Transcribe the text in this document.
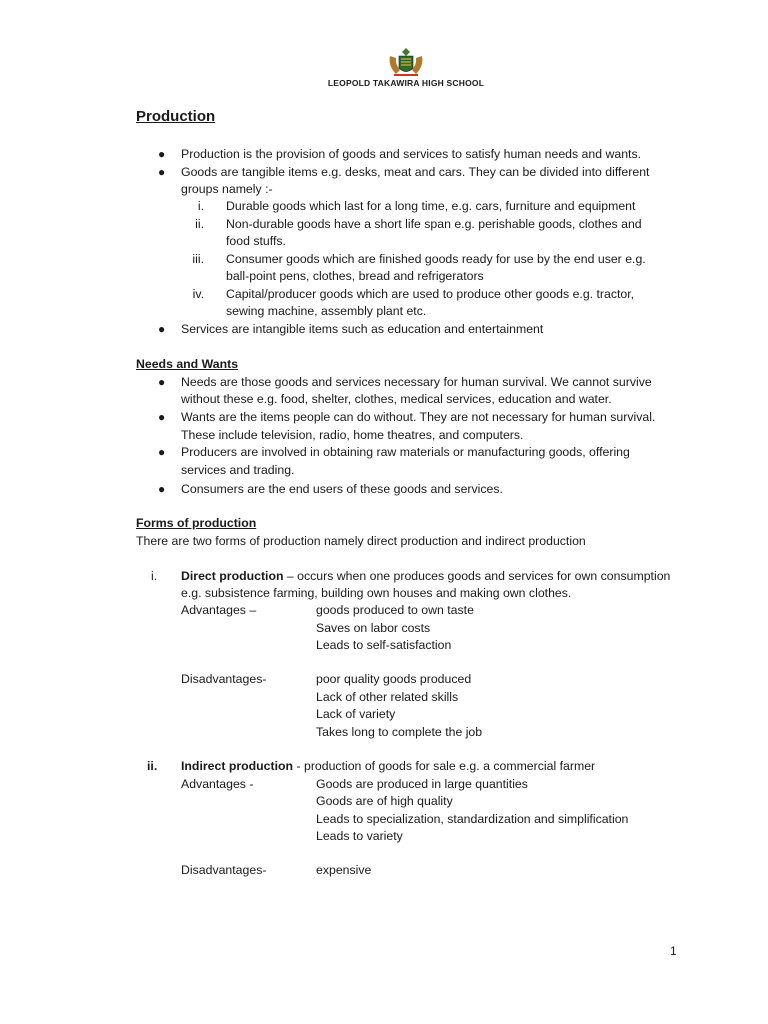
LEOPOLD TAKAWIRA HIGH SCHOOL
Production
● Production is the provision of goods and services to satisfy human needs and wants.
● Goods are tangible items e.g. desks, meat and cars. They can be divided into different
groups namely :-
i. Durable goods which last for a long time, e.g. cars, furniture and equipment
ii. Non-durable goods have a short life span e.g. perishable goods, clothes and
food stuffs.
iii. Consumer goods which are finished goods ready for use by the end user e.g.
ball-point pens, clothes, bread and refrigerators
iv. Capital/producer goods which are used to produce other goods e.g. tractor,
sewing machine, assembly plant etc.
● Services are intangible items such as education and entertainment
Needs and Wants
● Needs are those goods and services necessary for human survival. We cannot survive
without these e.g. food, shelter, clothes, medical services, education and water.
● Wants are the items people can do without. They are not necessary for human survival.
These include television, radio, home theatres, and computers.
● Producers are involved in obtaining raw materials or manufacturing goods, offering
services and trading.
● Consumers are the end users of these goods and services.
Forms of production
There are two forms of production namely direct production and indirect production
i. Direct production – occurs when one produces goods and services for own consumption
e.g. subsistence farming, building own houses and making own clothes.
Advantages –	goods produced to own taste
Saves on labor costs
Leads to self-satisfaction
Disadvantages-	poor quality goods produced
Lack of other related skills
Lack of variety
Takes long to complete the job
ii. Indirect production - production of goods for sale e.g. a commercial farmer
Advantages -	Goods are produced in large quantities
Goods are of high quality
Leads to specialization, standardization and simplification
Leads to variety
Disadvantages-	expensive
1
